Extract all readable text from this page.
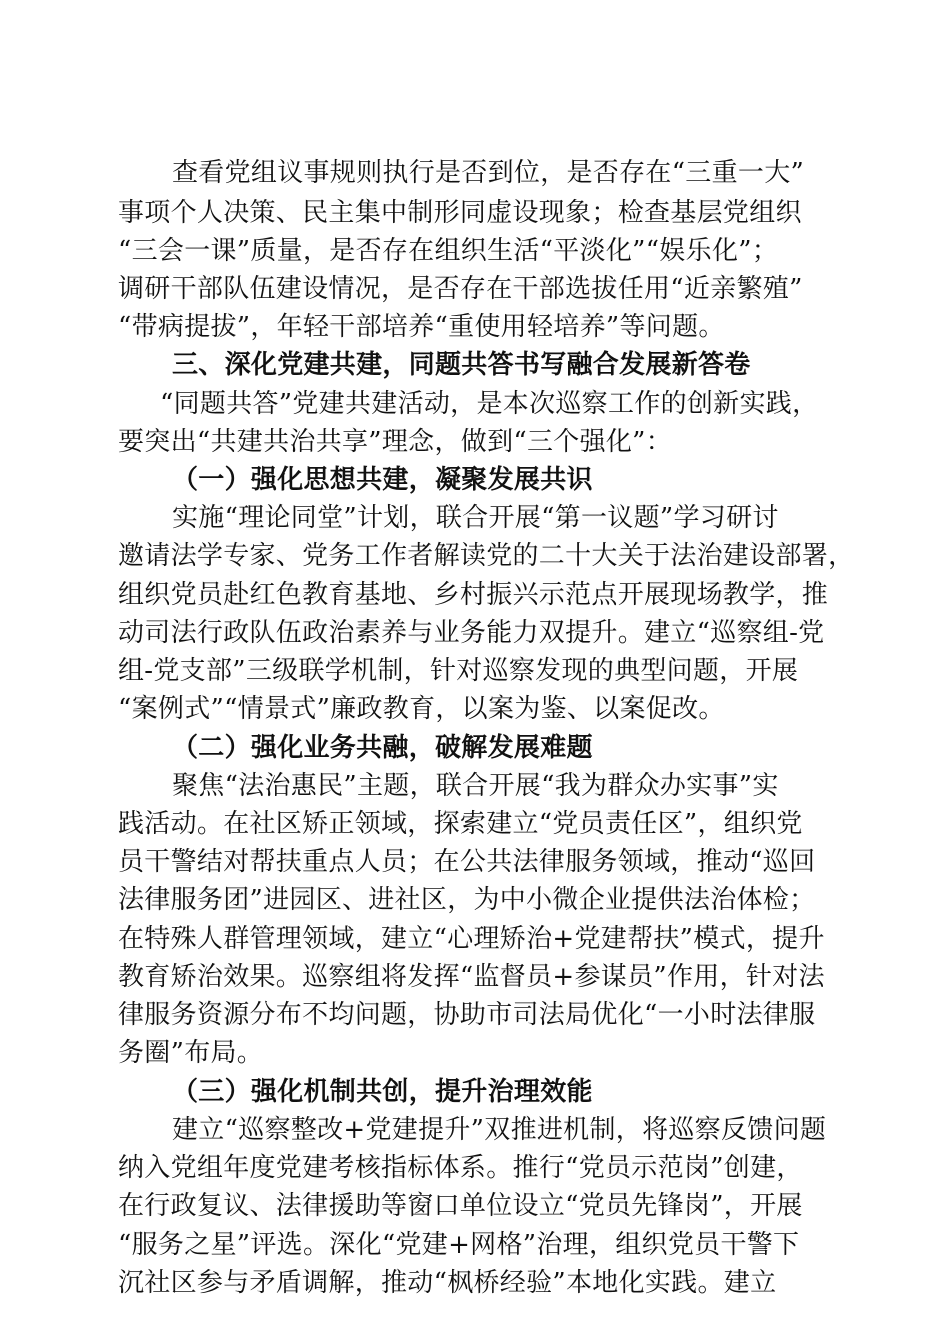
查看党组议事规则执行是否到位，是否存在“三重一大”
事项个人决策、民主集中制形同虚设现象；检查基层党组织
“三会一课”质量，是否存在组织生活“平淡化”“娱乐化”；
调研干部队伍建设情况，是否存在干部选拔任用“近亲繁殖”
“带病提拔”，年轻干部培养“重使用轻培养”等问题。
三、深化党建共建，同题共答书写融合发展新答卷
“同题共答”党建共建活动，是本次巡察工作的创新实践，
要突出“共建共治共享”理念，做到“三个强化”：
（一）强化思想共建，凝聚发展共识
实施“理论同堂”计划，联合开展“第一议题”学习研讨
邀请法学专家、党务工作者解读党的二十大关于法治建设部署，
组织党员赴红色教育基地、乡村振兴示范点开展现场教学，推
动司法行政队伍政治素养与业务能力双提升。建立“巡察组-党
组-党支部”三级联学机制，针对巡察发现的典型问题，开展
“案例式”“情景式”廉政教育，以案为鉴、以案促改。
（二）强化业务共融，破解发展难题
聚焦“法治惠民”主题，联合开展“我为群众办实事”实
践活动。在社区矫正领域，探索建立“党员责任区”，组织党
员干警结对帮扶重点人员；在公共法律服务领域，推动“巡回
法律服务团”进园区、进社区，为中小微企业提供法治体检；
在特殊人群管理领域，建立“心理矫治+党建帮扶”模式，提升
教育矫治效果。巡察组将发挥“监督员+参谋员”作用，针对法
律服务资源分布不均问题，协助市司法局优化“一小时法律服
务圈”布局。
（三）强化机制共创，提升治理效能
建立“巡察整改+党建提升”双推进机制，将巡察反馈问题
纳入党组年度党建考核指标体系。推行“党员示范岗”创建，
在行政复议、法律援助等窗口单位设立“党员先锋岗”，开展
“服务之星”评选。深化“党建+网格”治理，组织党员干警下
沉社区参与矛盾调解，推动“枫桥经验”本地化实践。建立
